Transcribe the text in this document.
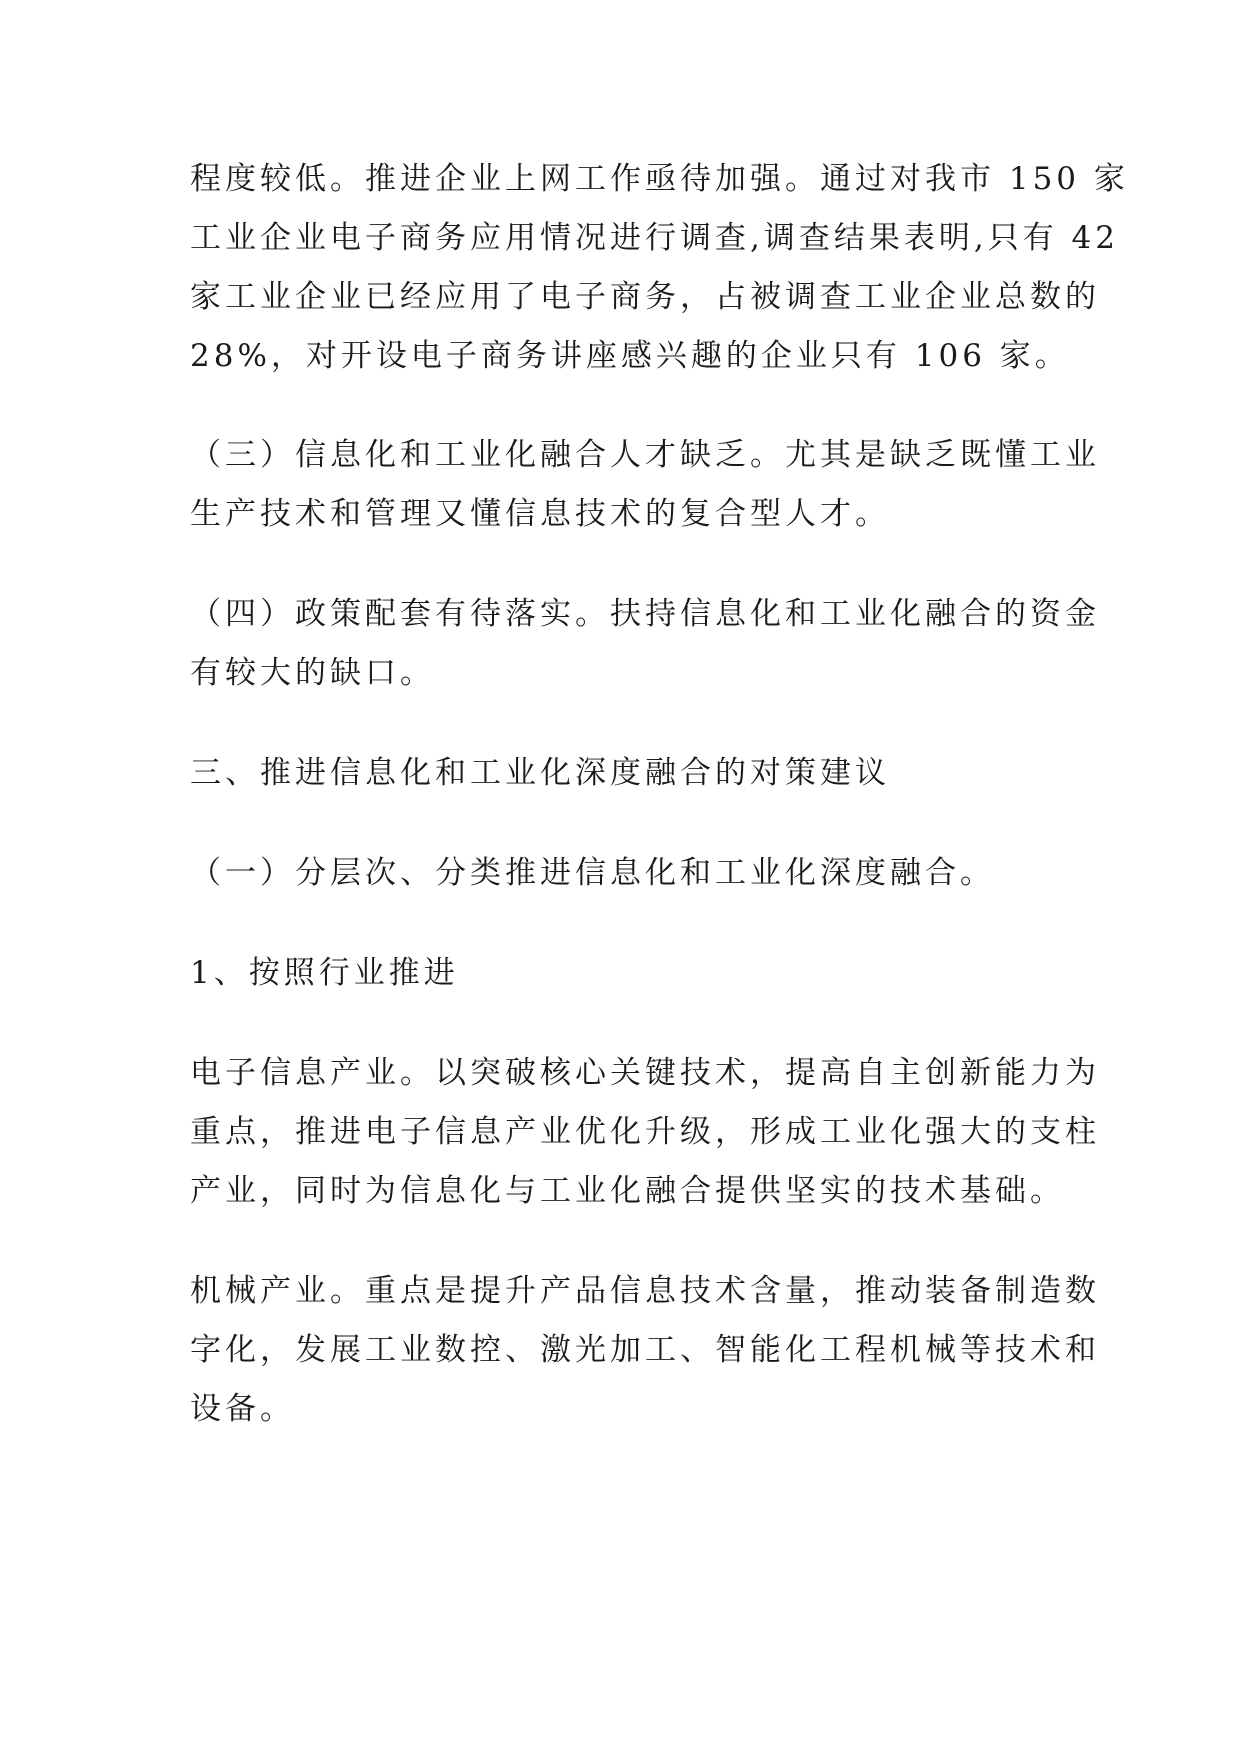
程度较低。推进企业上网工作亟待加强。通过对我市 150 家
工业企业电子商务应用情况进行调查,调查结果表明,只有 42
家工业企业已经应用了电子商务，占被调查工业企业总数的
28%，对开设电子商务讲座感兴趣的企业只有 106 家。
（三）信息化和工业化融合人才缺乏。尤其是缺乏既懂工业
生产技术和管理又懂信息技术的复合型人才。
（四）政策配套有待落实。扶持信息化和工业化融合的资金
有较大的缺口。
三、推进信息化和工业化深度融合的对策建议
（一）分层次、分类推进信息化和工业化深度融合。
1、按照行业推进
电子信息产业。以突破核心关键技术，提高自主创新能力为
重点，推进电子信息产业优化升级，形成工业化强大的支柱
产业，同时为信息化与工业化融合提供坚实的技术基础。
机械产业。重点是提升产品信息技术含量，推动装备制造数
字化，发展工业数控、激光加工、智能化工程机械等技术和
设备。
